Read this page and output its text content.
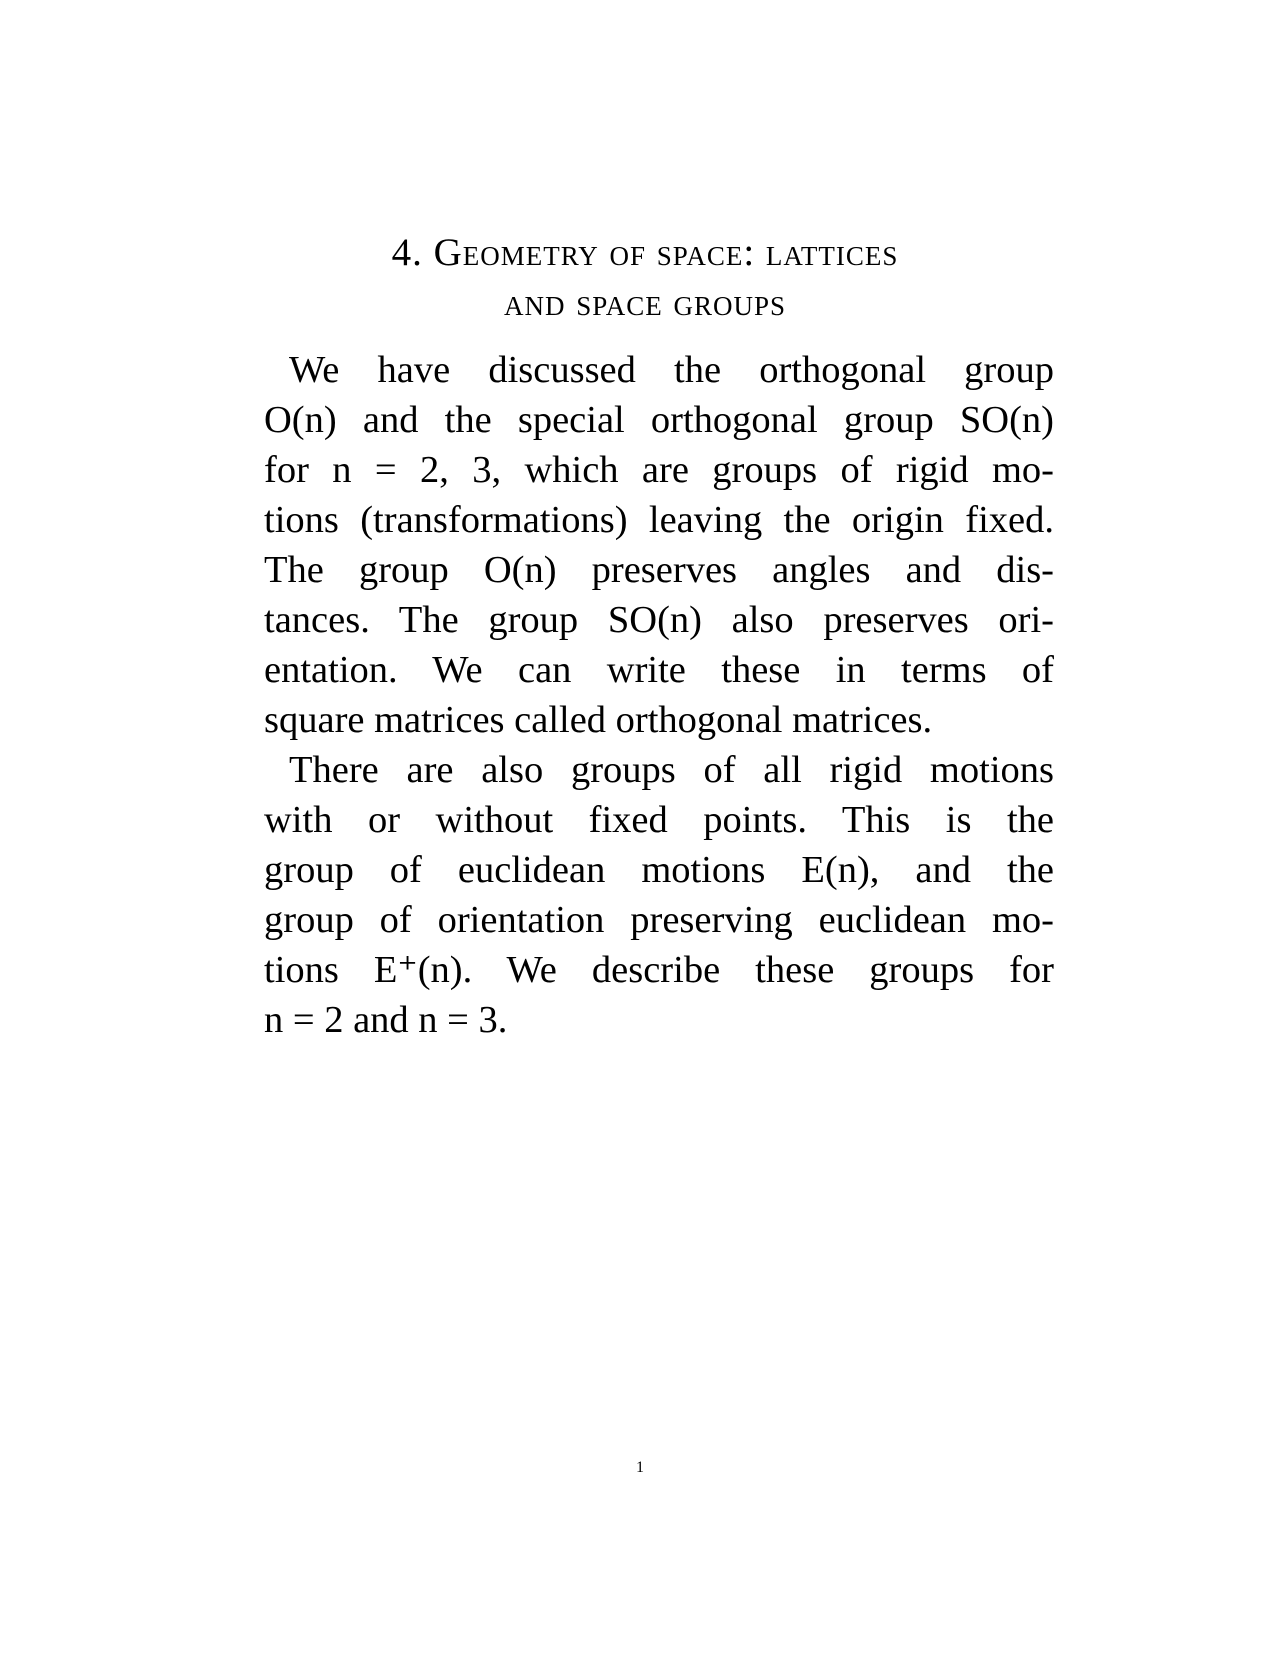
4. Geometry of space: lattices
and space groups
We have discussed the orthogonal group
O(n) and the special orthogonal group SO(n)
for n = 2, 3, which are groups of rigid mo-
tions (transformations) leaving the origin fixed.
The group O(n) preserves angles and dis-
tances. The group SO(n) also preserves ori-
entation. We can write these in terms of
square matrices called orthogonal matrices.
There are also groups of all rigid motions
with or without fixed points. This is the
group of euclidean motions E(n), and the
group of orientation preserving euclidean mo-
tions E⁺(n). We describe these groups for
n = 2 and n = 3.
1
